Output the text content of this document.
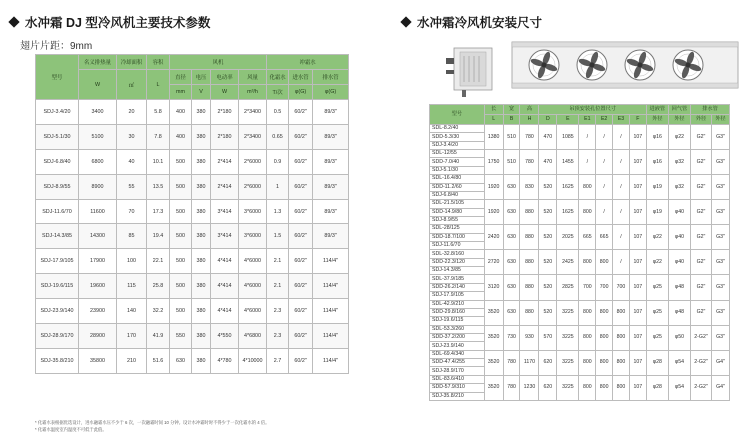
水冲霜 DJ 型冷风机主要技术参数
翅片片距：9mm
型号	名义排热量	冷却面积	容积	风机				冲霜水		
	W	㎡	L	直径	电压	电动率	风量	化霜水	进水管	排水管
				mm	V	W	m³/h	T/次	φ(G)	φ(G)
SDJ-3.4/20	3400	20	5.8	400	380	2*180	2*3400	0.5	60/2"	89/3"
SDJ-5.1/30	5100	30	7.8	400	380	2*180	2*3400	0.65	60/2"	89/3"
SDJ-6.8/40	6800	40	10.1	500	380	2*414	2*6000	0.9	60/2"	89/3"
SDJ-8.9/55	8900	55	13.5	500	380	2*414	2*6000	1	60/2"	89/3"
SDJ-11.6/70	11600	70	17.3	500	380	3*414	3*6000	1.3	60/2"	89/3"
SDJ-14.3/85	14300	85	19.4	500	380	3*414	3*6000	1.5	60/2"	89/3"
SDJ-17.9/105	17900	100	22.1	500	380	4*414	4*6000	2.1	60/2"	114/4"
SDJ-19.6/115	19600	115	25.8	500	380	4*414	4*6000	2.1	60/2"	114/4"
SDJ-23.9/140	23900	140	32.2	500	380	4*414	4*6000	2.3	60/2"	114/4"
SDJ-28.9/170	28900	170	41.9	550	380	4*550	4*6800	2.3	60/2"	114/4"
SDJ-35.8/210	35800	210	51.6	630	380	4*780	4*10000	2.7	60/2"	114/4"
* 化霜水表根据优选设计，进水融霜水压不少于 6 次，一次融霜时间 10 分钟。设计水冲霜时时不得少于一次化霜水的 4 倍。
* 化霜水温度室内温度不可低于此值。
水冲霜冷风机安装尺寸
型号	长	宽	高	吊顶安装孔位置尺寸						进液管	回气管	排水管	
	L	B	H	D	E	E1	E2	E3	F	外径	外径	外径	外径
SDL-8.2/40	1380	510	780	470	1085	/	/	/	107	φ16	φ22	G2"	G3"
SDD-5.3/30													
SDJ-3.4/20													
SDL-12/55	1750	510	780	470	1455	/	/	/	107	φ16	φ32	G2"	G3"
SDD-7.0/40													
SDJ-5.1/30													
SDL-16.4/80	1920	630	830	520	1625	800	/	/	107	φ19	φ32	G2"	G3"
SDD-11.2/60													
SDJ-6.8/40													
SDL-21.5/105	1920	630	880	520	1625	800	/	/	107	φ19	φ40	G2"	G3"
SDD-14.9/80													
SDJ-8.9/55													
SDL-28/125	2420	630	880	520	2025	665	665	/	107	φ22	φ40	G2"	G3"
SDD-18.7/100													
SDJ-11.6/70													
SDL-32.8/160	2720	630	880	520	2425	800	800	/	107	φ22	φ40	G2"	G3"
SDD-22.3/120													
SDJ-14.3/85													
SDL-37.9/185	3120	630	880	520	2825	700	700	700	107	φ25	φ48	G2"	G3"
SDD-26.2/140													
SDJ-17.9/105													
SDL-42.9/210	3520	630	880	520	3225	800	800	800	107	φ25	φ48	G2"	G3"
SDD-29.8/160													
SDJ-19.6/115													
SDL-53.3/260	3520	730	930	570	3225	800	800	800	107	φ25	φ50	2-G2"	G3"
SDD-37.2/200													
SDJ-23.9/140													
SDL-69.4/340	3520	780	1170	620	3225	800	800	800	107	φ28	φ54	2-G2"	G4"
SDD-47.4/255													
SDJ-28.9/170													
SDL-83.6/410	3520	780	1230	620	3225	800	800	800	107	φ28	φ54	2-G2"	G4"
SDD-57.9/310													
SDJ-35.8/210													
